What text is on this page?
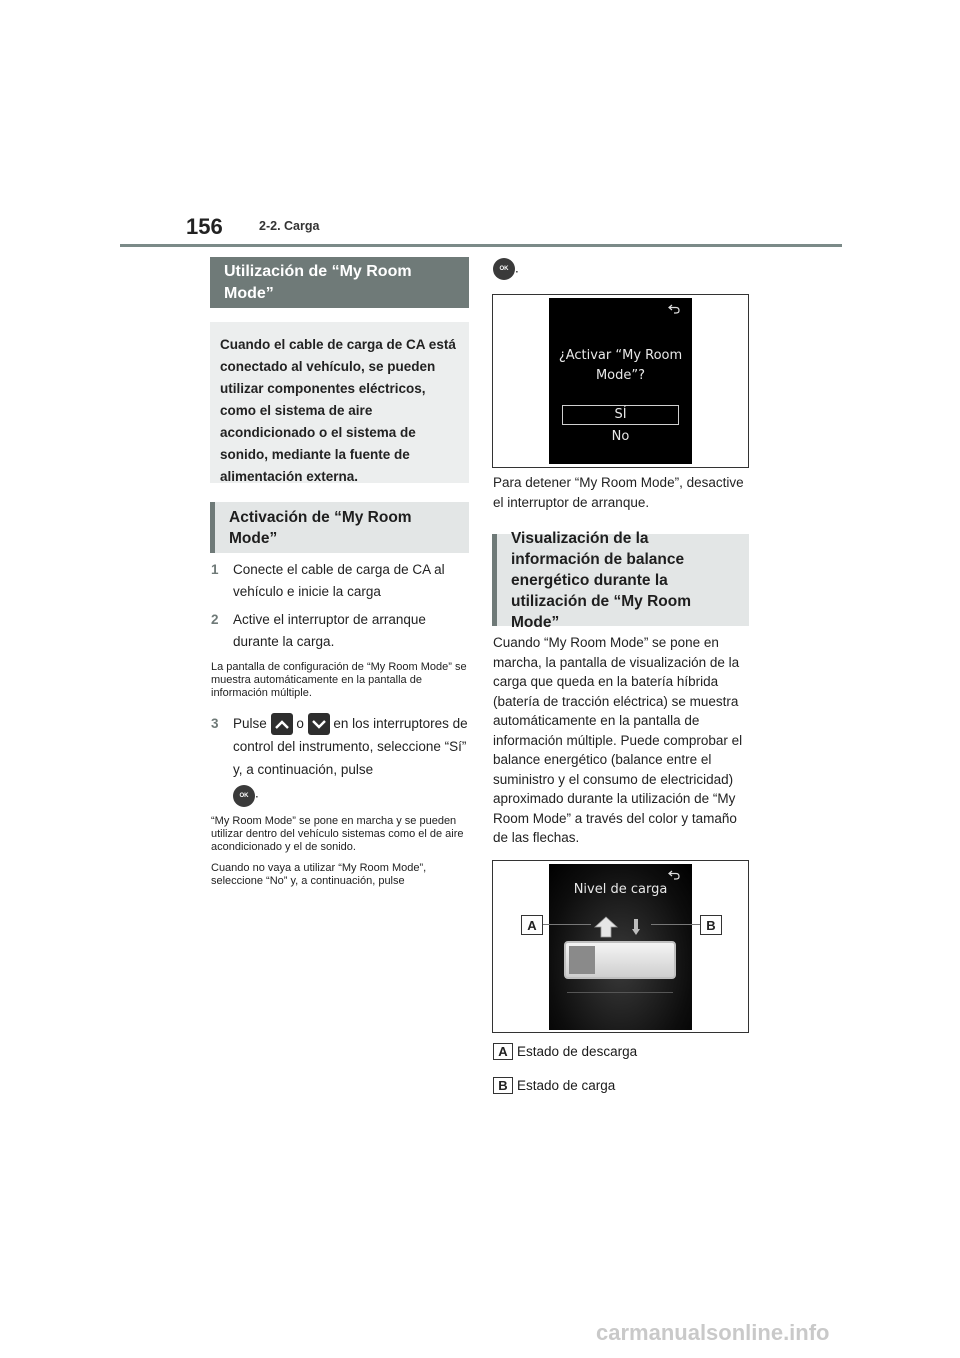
156	2-2. Carga
Utilización de “My Room Mode”
Cuando el cable de carga de CA está conectado al vehículo, se pueden utilizar componentes eléctricos, como el sistema de aire acondicionado o el sistema de sonido, mediante la fuente de alimentación externa.
Activación de “My Room Mode”
1	Conecte el cable de carga de CA al vehículo e inicie la carga
2	Active el interruptor de arranque durante la carga.
La pantalla de configuración de “My Room Mode” se muestra automáticamente en la pantalla de información múltiple.
3	Pulse o en los interruptores de control del instrumento, seleccione “Sí” y, a continuación, pulse
OK .
“My Room Mode” se pone en marcha y se pueden utilizar dentro del vehículo sistemas como el de aire acondicionado y el de sonido.
Cuando no vaya a utilizar “My Room Mode”, seleccione “No” y, a continuación, pulse
OK .
¿Activar “My Room Mode”?
SÍ
No
Para detener “My Room Mode”, desactive el interruptor de arranque.
Visualización de la información de balance energético durante la utilización de “My Room Mode”
Cuando “My Room Mode” se pone en marcha, la pantalla de visualización de la carga que queda en la batería híbrida (batería de tracción eléctrica) se muestra automáticamente en la pantalla de información múltiple. Puede comprobar el balance energético (balance entre el suministro y el consumo de electricidad) aproximado durante la utilización de “My Room Mode” a través del color y tamaño de las flechas.
Nivel de carga
A	B
A Estado de descarga
B Estado de carga
carmanualsonline.info
